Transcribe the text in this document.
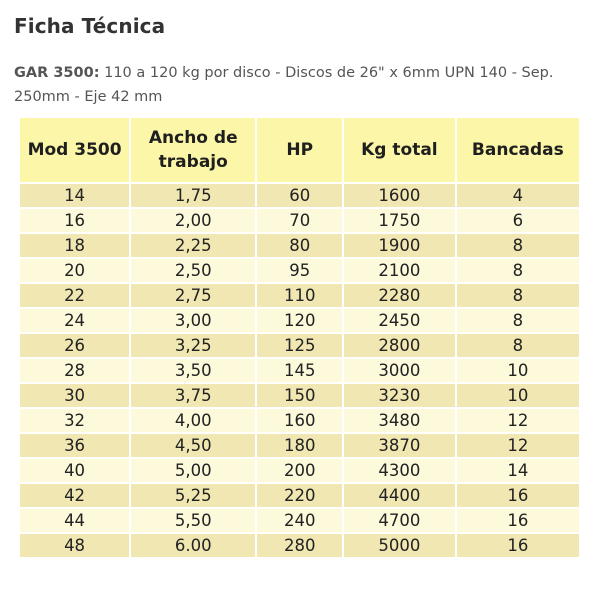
Ficha Técnica

GAR 3500: 110 a 120 kg por disco - Discos de 26" x 6mm UPN 140 - Sep. 250mm - Eje 42 mm

Mod 3500	Ancho de trabajo	HP	Kg total	Bancadas
14	1,75	60	1600	4
16	2,00	70	1750	6
18	2,25	80	1900	8
20	2,50	95	2100	8
22	2,75	110	2280	8
24	3,00	120	2450	8
26	3,25	125	2800	8
28	3,50	145	3000	10
30	3,75	150	3230	10
32	4,00	160	3480	12
36	4,50	180	3870	12
40	5,00	200	4300	14
42	5,25	220	4400	16
44	5,50	240	4700	16
48	6.00	280	5000	16
